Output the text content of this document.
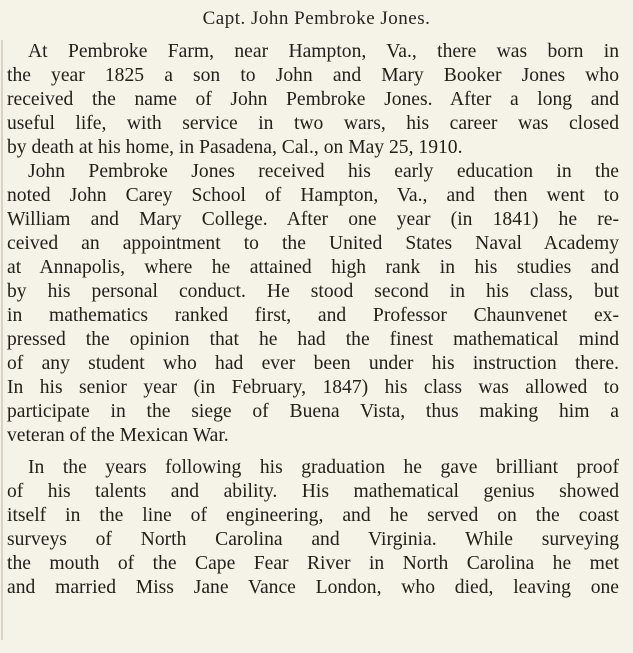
Capt. John Pembroke Jones.
At Pembroke Farm, near Hampton, Va., there was born in
the year 1825 a son to John and Mary Booker Jones who
received the name of John Pembroke Jones. After a long and
useful life, with service in two wars, his career was closed
by death at his home, in Pasadena, Cal., on May 25, 1910.
John Pembroke Jones received his early education in the
noted John Carey School of Hampton, Va., and then went to
William and Mary College. After one year (in 1841) he re-
ceived an appointment to the United States Naval Academy
at Annapolis, where he attained high rank in his studies and
by his personal conduct. He stood second in his class, but
in mathematics ranked first, and Professor Chaunvenet ex-
pressed the opinion that he had the finest mathematical mind
of any student who had ever been under his instruction there.
In his senior year (in February, 1847) his class was allowed to
participate in the siege of Buena Vista, thus making him a
veteran of the Mexican War.
In the years following his graduation he gave brilliant proof
of his talents and ability. His mathematical genius showed
itself in the line of engineering, and he served on the coast
surveys of North Carolina and Virginia. While surveying
the mouth of the Cape Fear River in North Carolina he met
and married Miss Jane Vance London, who died, leaving one
